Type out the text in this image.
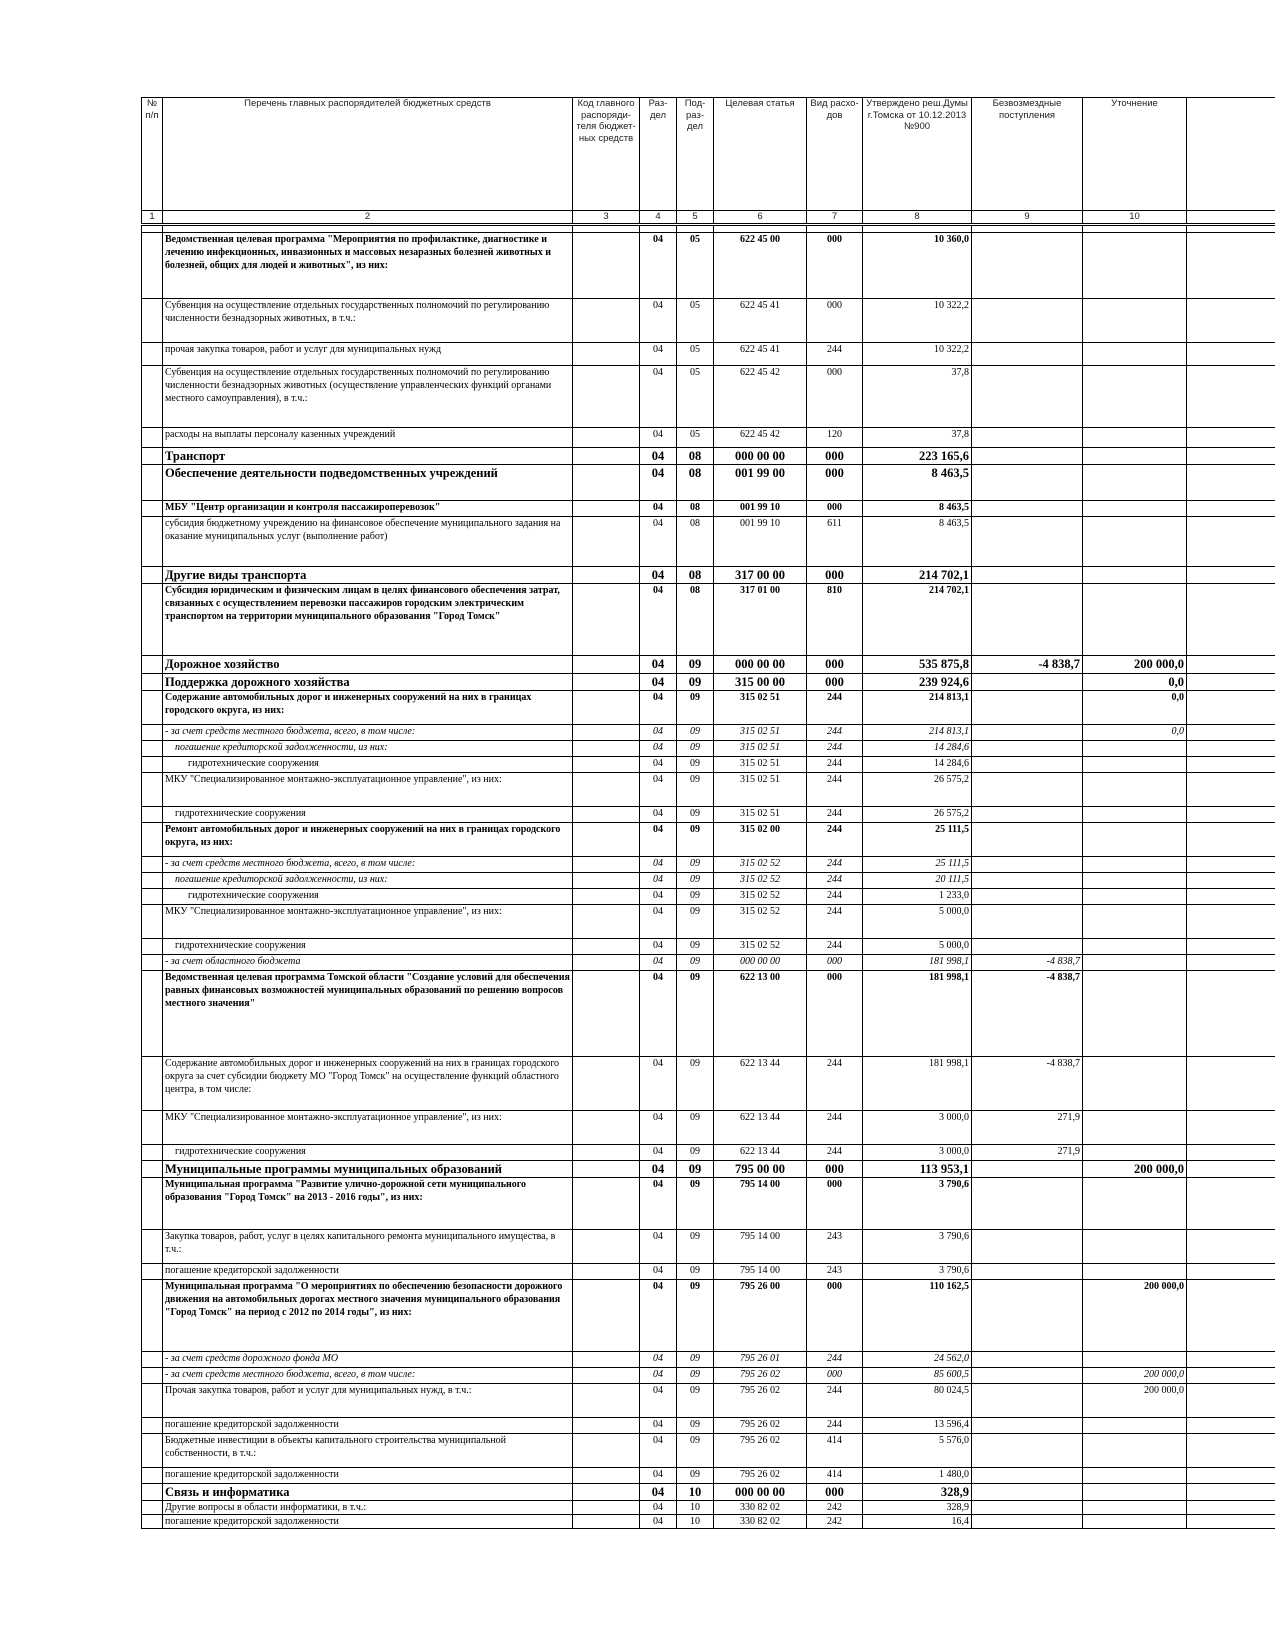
№ п/п	Перечень главных распорядителей бюджетных средств	Код главного распоряди-теля бюджет-ных средств	Раз-дел	Под-раз-дел	Целевая статья	Вид расхо-дов	Утверждено реш.Думы г.Томска от 10.12.2013 №900	Безвозмездные поступления	Уточнение	
1	2	3	4	5	6	7	8	9	10	

	Ведомственная целевая программа "Мероприятия по профилактике, диагностике и лечению инфекционных, инвазионных и массовых незаразных болезней животных и болезней, общих для людей и животных", из них:		04	05	622 45 00	000	10 360,0			
	Субвенция на осуществление отдельных государственных полномочий по регулированию численности безнадзорных животных, в т.ч.:		04	05	622 45 41	000	10 322,2			
	прочая закупка товаров, работ и услуг для муниципальных нужд		04	05	622 45 41	244	10 322,2			
	Субвенция на осуществление отдельных государственных полномочий по регулированию численности безнадзорных животных (осуществление управленческих функций органами местного самоуправления), в т.ч.:		04	05	622 45 42	000	37,8			
	расходы на выплаты персоналу казенных учреждений		04	05	622 45 42	120	37,8			
	Транспорт		04	08	000 00 00	000	223 165,6			
	Обеспечение деятельности подведомственных учреждений		04	08	001 99 00	000	8 463,5			
	МБУ "Центр организации и контроля пассажироперевозок"		04	08	001 99 10	000	8 463,5			
	субсидия бюджетному учреждению на финансовое обеспечение муниципального задания на оказание муниципальных услуг (выполнение работ)		04	08	001 99 10	611	8 463,5			
	Другие виды транспорта		04	08	317 00 00	000	214 702,1			
	Субсидия юридическим и физическим лицам в целях финансового обеспечения затрат, связанных с осуществлением перевозки пассажиров городским электрическим транспортом на территории муниципального образования "Город Томск"		04	08	317 01 00	810	214 702,1			
	Дорожное хозяйство		04	09	000 00 00	000	535 875,8	-4 838,7	200 000,0	
	Поддержка дорожного хозяйства		04	09	315 00 00	000	239 924,6		0,0	
	Содержание автомобильных дорог и инженерных сооружений на них в границах городского округа, из них:		04	09	315 02 51	244	214 813,1		0,0	
	- за счет средств местного бюджета, всего, в том числе:		04	09	315 02 51	244	214 813,1		0,0	
	погашение кредиторской задолженности, из них:		04	09	315 02 51	244	14 284,6			
	гидротехнические сооружения		04	09	315 02 51	244	14 284,6			
	МКУ "Специализированное монтажно-эксплуатационное управление", из них:		04	09	315 02 51	244	26 575,2			
	гидротехнические сооружения		04	09	315 02 51	244	26 575,2			
	Ремонт автомобильных дорог и инженерных сооружений на них в границах городского округа, из них:		04	09	315 02 00	244	25 111,5			
	- за счет средств местного бюджета, всего, в том числе:		04	09	315 02 52	244	25 111,5			
	погашение кредиторской задолженности, из них:		04	09	315 02 52	244	20 111,5			
	гидротехнические сооружения		04	09	315 02 52	244	1 233,0			
	МКУ "Специализированное монтажно-эксплуатационное управление", из них:		04	09	315 02 52	244	5 000,0			
	гидротехнические сооружения		04	09	315 02 52	244	5 000,0			
	- за счет областного бюджета		04	09	000 00 00	000	181 998,1	-4 838,7		
	Ведомственная целевая программа Томской области "Создание условий для обеспечения равных финансовых возможностей муниципальных образований по решению вопросов местного значения"		04	09	622 13 00	000	181 998,1	-4 838,7		
	Содержание автомобильных дорог и инженерных сооружений на них в границах городского округа за счет субсидии бюджету МО "Город Томск" на осуществление функций областного центра, в том числе:		04	09	622 13 44	244	181 998,1	-4 838,7		
	МКУ "Специализированное монтажно-эксплуатационное управление", из них:		04	09	622 13 44	244	3 000,0	271,9		
	гидротехнические сооружения		04	09	622 13 44	244	3 000,0	271,9		
	Муниципальные программы муниципальных образований		04	09	795 00 00	000	113 953,1		200 000,0	
	Муниципальная программа "Развитие улично-дорожной сети муниципального образования "Город Томск" на 2013 - 2016 годы", из них:		04	09	795 14 00	000	3 790,6			
	Закупка товаров, работ, услуг в целях капитального ремонта муниципального имущества, в т.ч.:		04	09	795 14 00	243	3 790,6			
	погашение кредиторской задолженности		04	09	795 14 00	243	3 790,6			
	Муниципальная программа "О мероприятиях по обеспечению безопасности дорожного движения на автомобильных дорогах местного значения муниципального образования "Город Томск" на период с 2012 по 2014 годы", из них:		04	09	795 26 00	000	110 162,5		200 000,0	
	- за счет средств дорожного фонда МО		04	09	795 26 01	244	24 562,0			
	- за счет средств местного бюджета, всего, в том числе:		04	09	795 26 02	000	85 600,5		200 000,0	
	Прочая закупка товаров, работ и услуг для муниципальных нужд, в т.ч.:		04	09	795 26 02	244	80 024,5		200 000,0	
	погашение кредиторской задолженности		04	09	795 26 02	244	13 596,4			
	Бюджетные инвестиции в объекты капитального строительства муниципальной собственности, в т.ч.:		04	09	795 26 02	414	5 576,0			
	погашение кредиторской задолженности		04	09	795 26 02	414	1 480,0			
	Связь и информатика		04	10	000 00 00	000	328,9			
	Другие вопросы в области информатики, в т.ч.:		04	10	330 82 02	242	328,9			
	погашение кредиторской задолженности		04	10	330 82 02	242	16,4			
